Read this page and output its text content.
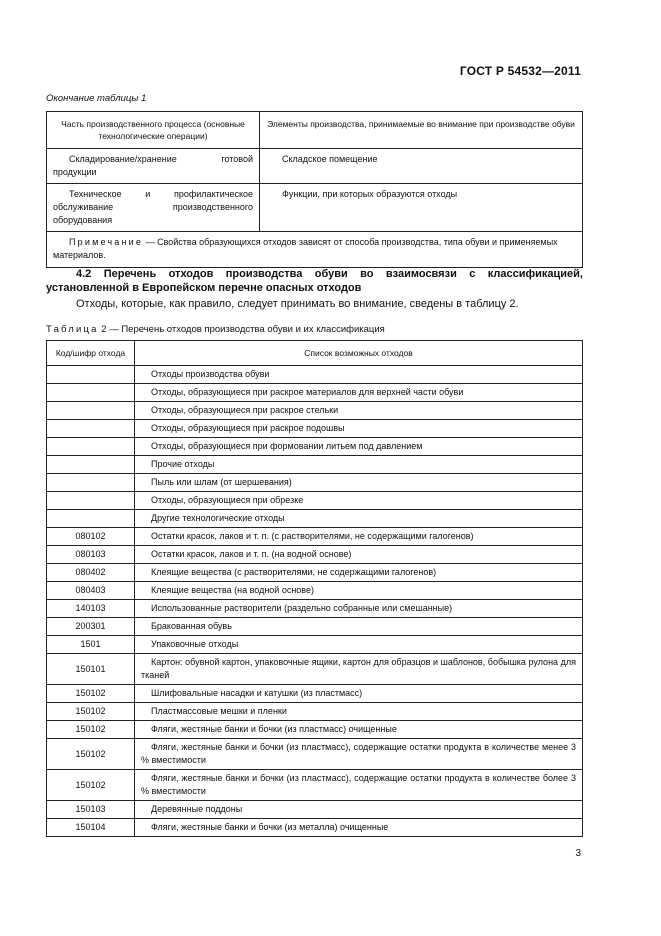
ГОСТ Р 54532—2011
Окончание таблицы 1
Часть производственного процесса (основные технологические операции)	Элементы производства, принимаемые во внимание при производстве обуви
Складирование/хранение готовой продукции	Складское помещение
Техническое и профилактическое обслуживание производственного оборудования	Функции, при которых образуются отходы
Примечание — Свойства образующихся отходов зависят от способа производства, типа обуви и применяемых материалов.	
4.2 Перечень отходов производства обуви во взаимосвязи с классификацией, установленной в Европейском перечне опасных отходов
Отходы, которые, как правило, следует принимать во внимание, сведены в таблицу 2.
Таблица 2 — Перечень отходов производства обуви и их классификация
Код/шифр отхода	Список возможных отходов
	Отходы производства обуви
	Отходы, образующиеся при раскрое материалов для верхней части обуви
	Отходы, образующиеся при раскрое стельки
	Отходы, образующиеся при раскрое подошвы
	Отходы, образующиеся при формовании литьем под давлением
	Прочие отходы
	Пыль или шлам (от шершевания)
	Отходы, образующиеся при обрезке
	Другие технологические отходы
080102	Остатки красок, лаков и т. п. (с растворителями, не содержащими галогенов)
080103	Остатки красок, лаков и т. п. (на водной основе)
080402	Клеящие вещества (с растворителями, не содержащими галогенов)
080403	Клеящие вещества (на водной основе)
140103	Использованные растворители (раздельно собранные или смешанные)
200301	Бракованная обувь
1501	Упаковочные отходы
150101	Картон: обувной картон, упаковочные ящики, картон для образцов и шаблонов, бобышка рулона для тканей
150102	Шлифовальные насадки и катушки (из пластмасс)
150102	Пластмассовые мешки и пленки
150102	Фляги, жестяные банки и бочки (из пластмасс) очищенные
150102	Фляги, жестяные банки и бочки (из пластмасс), содержащие остатки продукта в количестве менее 3 % вместимости
150102	Фляги, жестяные банки и бочки (из пластмасс), содержащие остатки продукта в количестве более 3 % вместимости
150103	Деревянные поддоны
150104	Фляги, жестяные банки и бочки (из металла) очищенные
3
